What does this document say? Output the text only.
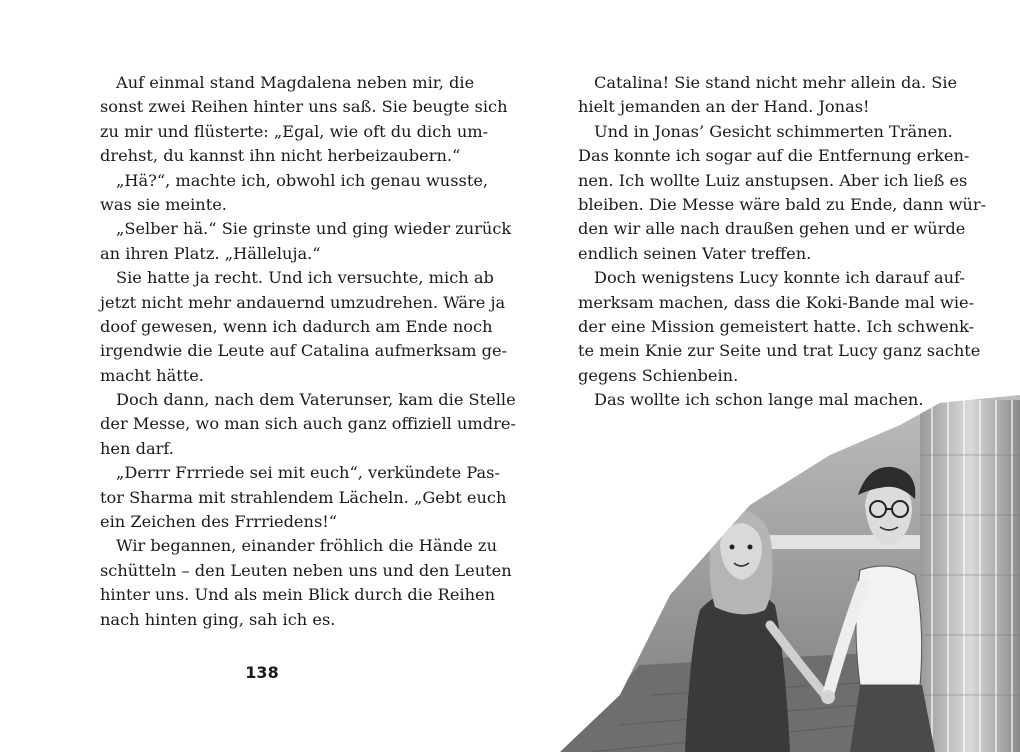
Auf einmal stand Magdalena neben mir, die
sonst zwei Reihen hinter uns saß. Sie beugte sich
zu mir und flüsterte: „Egal, wie oft du dich um-
drehst, du kannst ihn nicht herbeizaubern.“

„Hä?“, machte ich, obwohl ich genau wusste,
was sie meinte.

„Selber hä.“ Sie grinste und ging wieder zurück
an ihren Platz. „Hälleluja.“

Sie hatte ja recht. Und ich versuchte, mich ab
jetzt nicht mehr andauernd umzudrehen. Wäre ja
doof gewesen, wenn ich dadurch am Ende noch
irgendwie die Leute auf Catalina aufmerksam ge-
macht hätte.

Doch dann, nach dem Vaterunser, kam die Stelle
der Messe, wo man sich auch ganz offiziell umdre-
hen darf.

„Derrr Frrriede sei mit euch“, verkündete Pas-
tor Sharma mit strahlendem Lächeln. „Gebt euch
ein Zeichen des Frrriedens!“

Wir begannen, einander fröhlich die Hände zu
schütteln – den Leuten neben uns und den Leuten
hinter uns. Und als mein Blick durch die Reihen
nach hinten ging, sah ich es.

138

Catalina! Sie stand nicht mehr allein da. Sie
hielt jemanden an der Hand. Jonas!

Und in Jonas’ Gesicht schimmerten Tränen.
Das konnte ich sogar auf die Entfernung erken-
nen. Ich wollte Luiz anstupsen. Aber ich ließ es
bleiben. Die Messe wäre bald zu Ende, dann wür-
den wir alle nach draußen gehen und er würde
endlich seinen Vater treffen.

Doch wenigstens Lucy konnte ich darauf auf-
merksam machen, dass die Koki-Bande mal wie-
der eine Mission gemeistert hatte. Ich schwenk-
te mein Knie zur Seite und trat Lucy ganz sachte
gegens Schienbein.

Das wollte ich schon lange mal machen.
